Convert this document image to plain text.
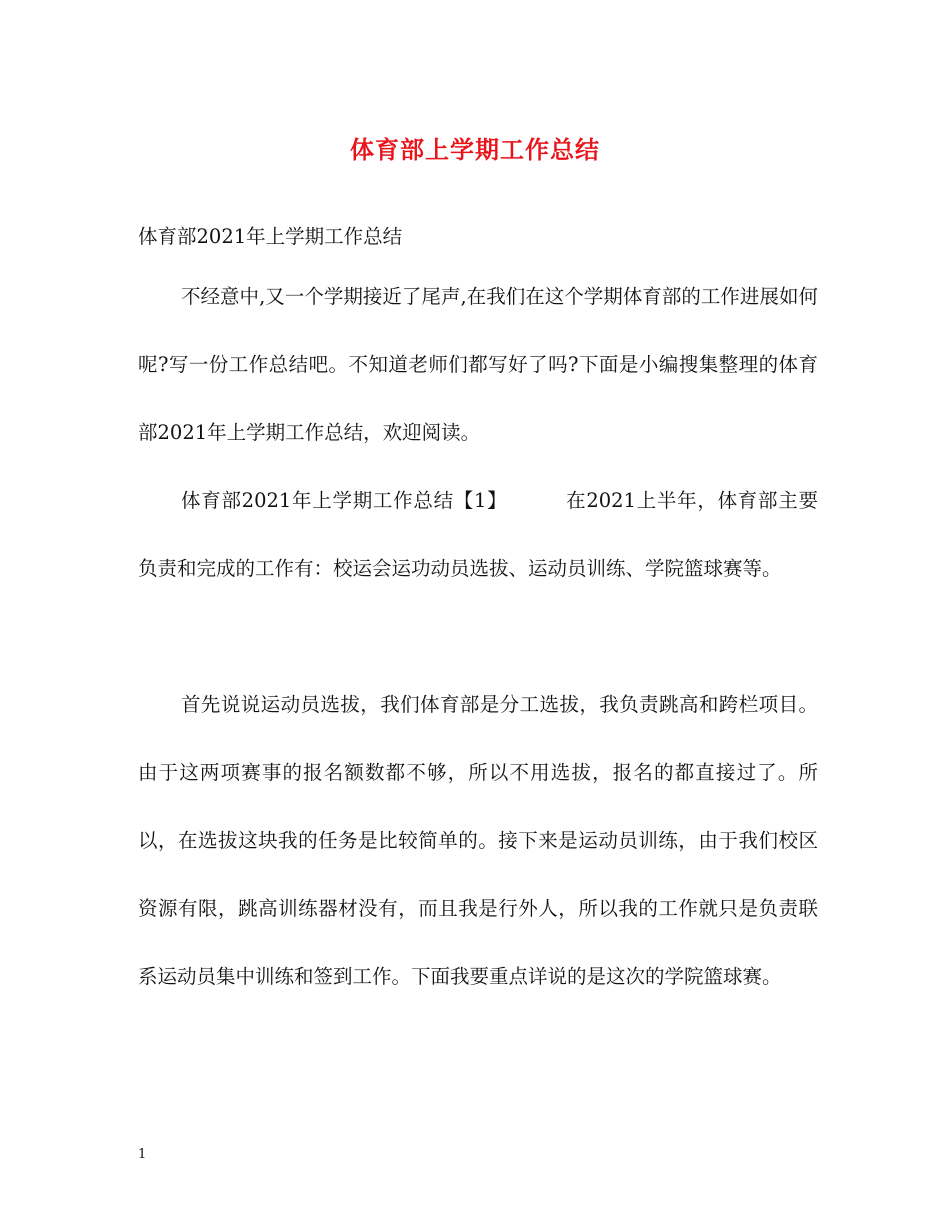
体育部上学期工作总结

体育部2021年上学期工作总结

不经意中,又一个学期接近了尾声,在我们在这个学期体育部的工作进展如何呢?写一份工作总结吧。不知道老师们都写好了吗?下面是小编搜集整理的体育部2021年上学期工作总结，欢迎阅读。

体育部2021年上学期工作总结【1】	在2021上半年，体育部主要负责和完成的工作有：校运会运功动员选拔、运动员训练、学院篮球赛等。

首先说说运动员选拔，我们体育部是分工选拔，我负责跳高和跨栏项目。由于这两项赛事的报名额数都不够，所以不用选拔，报名的都直接过了。所以，在选拔这块我的任务是比较简单的。接下来是运动员训练，由于我们校区资源有限，跳高训练器材没有，而且我是行外人，所以我的工作就只是负责联系运动员集中训练和签到工作。下面我要重点详说的是这次的学院篮球赛。

1
